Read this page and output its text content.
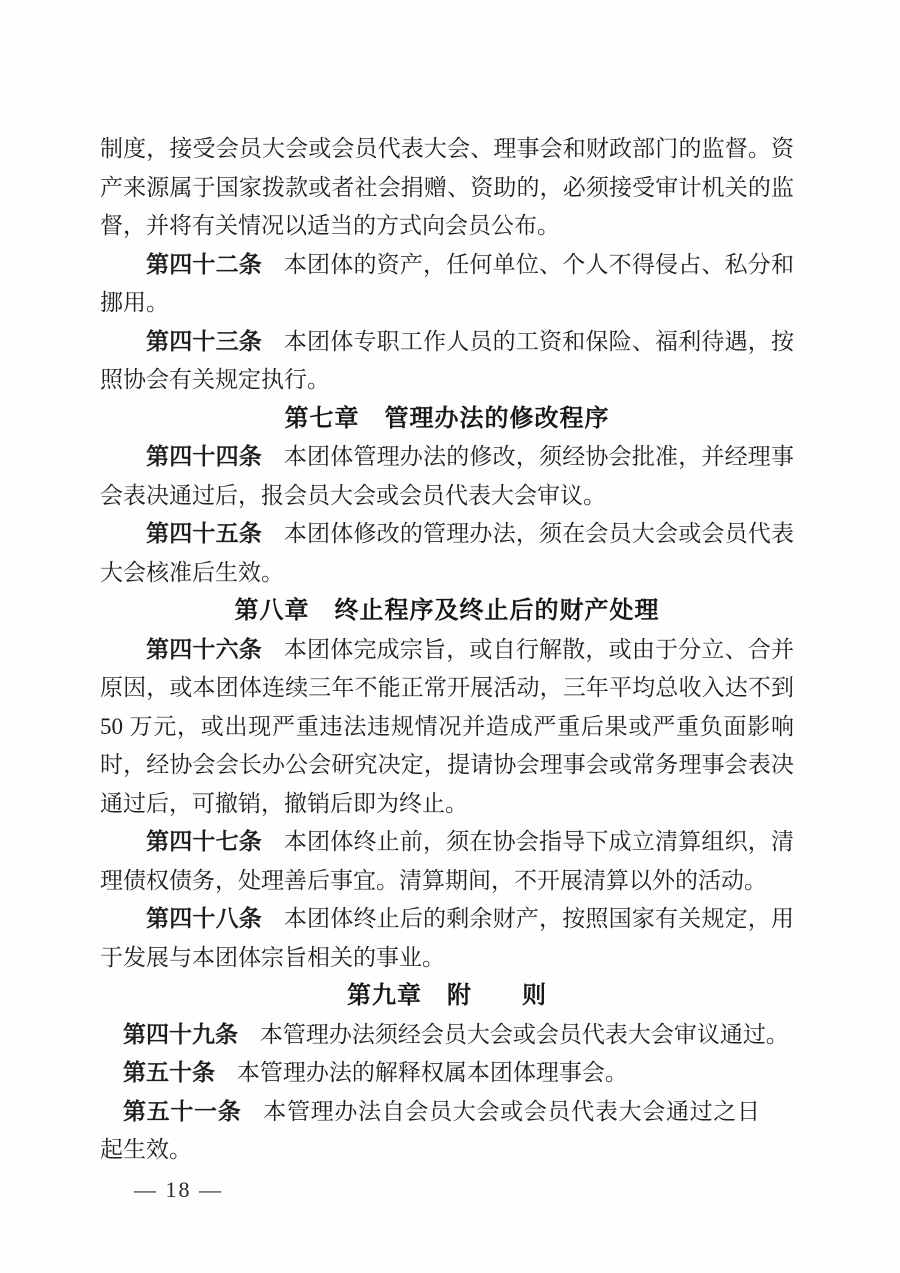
制度，接受会员大会或会员代表大会、理事会和财政部门的监督。资产来源属于国家拨款或者社会捐赠、资助的，必须接受审计机关的监督，并将有关情况以适当的方式向会员公布。

第四十二条 本团体的资产，任何单位、个人不得侵占、私分和挪用。

第四十三条 本团体专职工作人员的工资和保险、福利待遇，按照协会有关规定执行。

第七章　管理办法的修改程序

第四十四条 本团体管理办法的修改，须经协会批准，并经理事会表决通过后，报会员大会或会员代表大会审议。

第四十五条 本团体修改的管理办法，须在会员大会或会员代表大会核准后生效。

第八章　终止程序及终止后的财产处理

第四十六条 本团体完成宗旨，或自行解散，或由于分立、合并原因，或本团体连续三年不能正常开展活动，三年平均总收入达不到50 万元，或出现严重违法违规情况并造成严重后果或严重负面影响时，经协会会长办公会研究决定，提请协会理事会或常务理事会表决通过后，可撤销，撤销后即为终止。

第四十七条 本团体终止前，须在协会指导下成立清算组织，清理债权债务，处理善后事宜。清算期间，不开展清算以外的活动。

第四十八条 本团体终止后的剩余财产，按照国家有关规定，用于发展与本团体宗旨相关的事业。

第九章　附　　则

第四十九条 本管理办法须经会员大会或会员代表大会审议通过。

第五十条 本管理办法的解释权属本团体理事会。

第五十一条 本管理办法自会员大会或会员代表大会通过之日起生效。

— 18 —
